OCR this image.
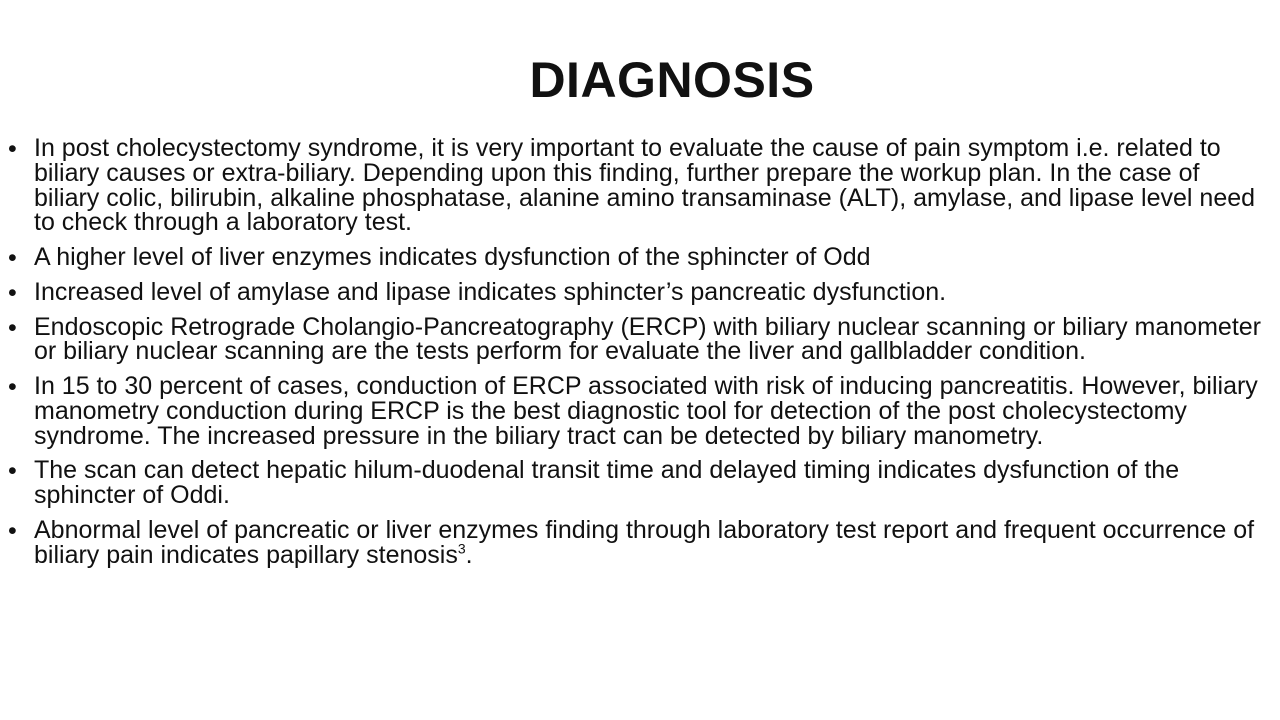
DIAGNOSIS
• In post cholecystectomy syndrome, it is very important to evaluate the cause of pain symptom i.e. related to biliary causes or extra-biliary. Depending upon this finding, further prepare the workup plan. In the case of biliary colic, bilirubin, alkaline phosphatase, alanine amino transaminase (ALT), amylase, and lipase level need to check through a laboratory test.
• A higher level of liver enzymes indicates dysfunction of the sphincter of Odd
• Increased level of amylase and lipase indicates sphincter’s pancreatic dysfunction.
• Endoscopic Retrograde Cholangio-Pancreatography (ERCP) with biliary nuclear scanning or biliary manometer or biliary nuclear scanning are the tests perform for evaluate the liver and gallbladder condition.
• In 15 to 30 percent of cases, conduction of ERCP associated with risk of inducing pancreatitis. However, biliary manometry conduction during ERCP is the best diagnostic tool for detection of the post cholecystectomy syndrome. The increased pressure in the biliary tract can be detected by biliary manometry.
• The scan can detect hepatic hilum-duodenal transit time and delayed timing indicates dysfunction of the sphincter of Oddi.
• Abnormal level of pancreatic or liver enzymes finding through laboratory test report and frequent occurrence of biliary pain indicates papillary stenosis$^3$.
